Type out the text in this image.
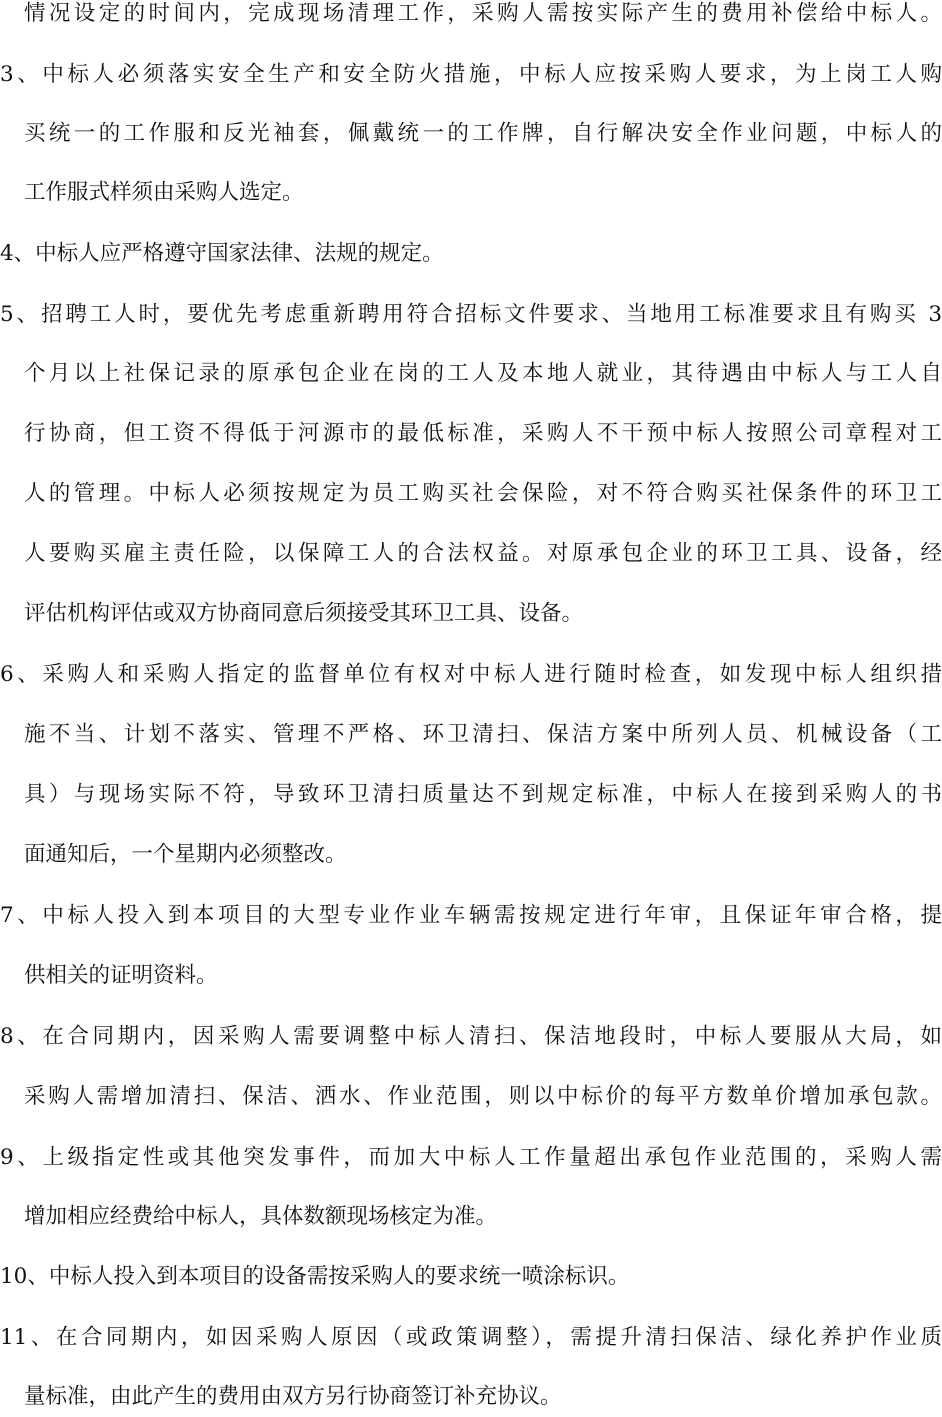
情况设定的时间内，完成现场清理工作，采购人需按实际产生的费用补偿给中标人。
3、中标人必须落实安全生产和安全防火措施，中标人应按采购人要求，为上岗工人购
买统一的工作服和反光袖套，佩戴统一的工作牌，自行解决安全作业问题，中标人的
工作服式样须由采购人选定。
4、中标人应严格遵守国家法律、法规的规定。
5、招聘工人时，要优先考虑重新聘用符合招标文件要求、当地用工标准要求且有购买 3
个月以上社保记录的原承包企业在岗的工人及本地人就业，其待遇由中标人与工人自
行协商，但工资不得低于河源市的最低标准，采购人不干预中标人按照公司章程对工
人的管理。中标人必须按规定为员工购买社会保险，对不符合购买社保条件的环卫工
人要购买雇主责任险，以保障工人的合法权益。对原承包企业的环卫工具、设备，经
评估机构评估或双方协商同意后须接受其环卫工具、设备。
6、采购人和采购人指定的监督单位有权对中标人进行随时检查，如发现中标人组织措
施不当、计划不落实、管理不严格、环卫清扫、保洁方案中所列人员、机械设备（工
具）与现场实际不符，导致环卫清扫质量达不到规定标准，中标人在接到采购人的书
面通知后，一个星期内必须整改。
7、中标人投入到本项目的大型专业作业车辆需按规定进行年审，且保证年审合格，提
供相关的证明资料。
8、在合同期内，因采购人需要调整中标人清扫、保洁地段时，中标人要服从大局，如
采购人需增加清扫、保洁、洒水、作业范围，则以中标价的每平方数单价增加承包款。
9、上级指定性或其他突发事件，而加大中标人工作量超出承包作业范围的，采购人需
增加相应经费给中标人，具体数额现场核定为准。
10、中标人投入到本项目的设备需按采购人的要求统一喷涂标识。
11、在合同期内，如因采购人原因（或政策调整），需提升清扫保洁、绿化养护作业质
量标准，由此产生的费用由双方另行协商签订补充协议。
